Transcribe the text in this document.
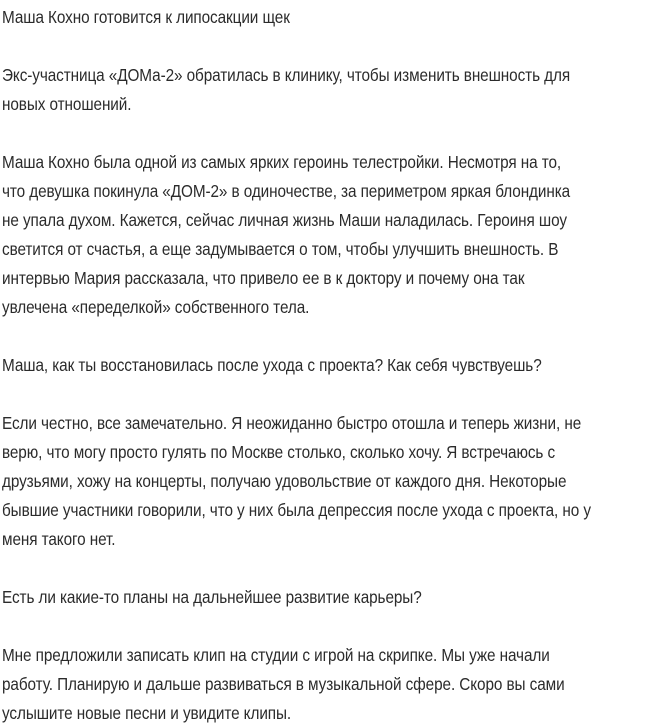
Маша Кохно готовится к липосакции щек

Экс-участница «ДОМа-2» обратилась в клинику, чтобы изменить внешность для
новых отношений.

Маша Кохно была одной из самых ярких героинь телестройки. Несмотря на то,
что девушка покинула «ДОМ-2» в одиночестве, за периметром яркая блондинка
не упала духом. Кажется, сейчас личная жизнь Маши наладилась. Героиня шоу
светится от счастья, а еще задумывается о том, чтобы улучшить внешность. В
интервью Мария рассказала, что привело ее в к доктору и почему она так
увлечена «переделкой» собственного тела.

Маша, как ты восстановилась после ухода с проекта? Как себя чувствуешь?

Если честно, все замечательно. Я неожиданно быстро отошла и теперь жизни, не
верю, что могу просто гулять по Москве столько, сколько хочу. Я встречаюсь с
друзьями, хожу на концерты, получаю удовольствие от каждого дня. Некоторые
бывшие участники говорили, что у них была депрессия после ухода с проекта, но у
меня такого нет.

Есть ли какие-то планы на дальнейшее развитие карьеры?

Мне предложили записать клип на студии с игрой на скрипке. Мы уже начали
работу. Планирую и дальше развиваться в музыкальной сфере. Скоро вы сами
услышите новые песни и увидите клипы.
